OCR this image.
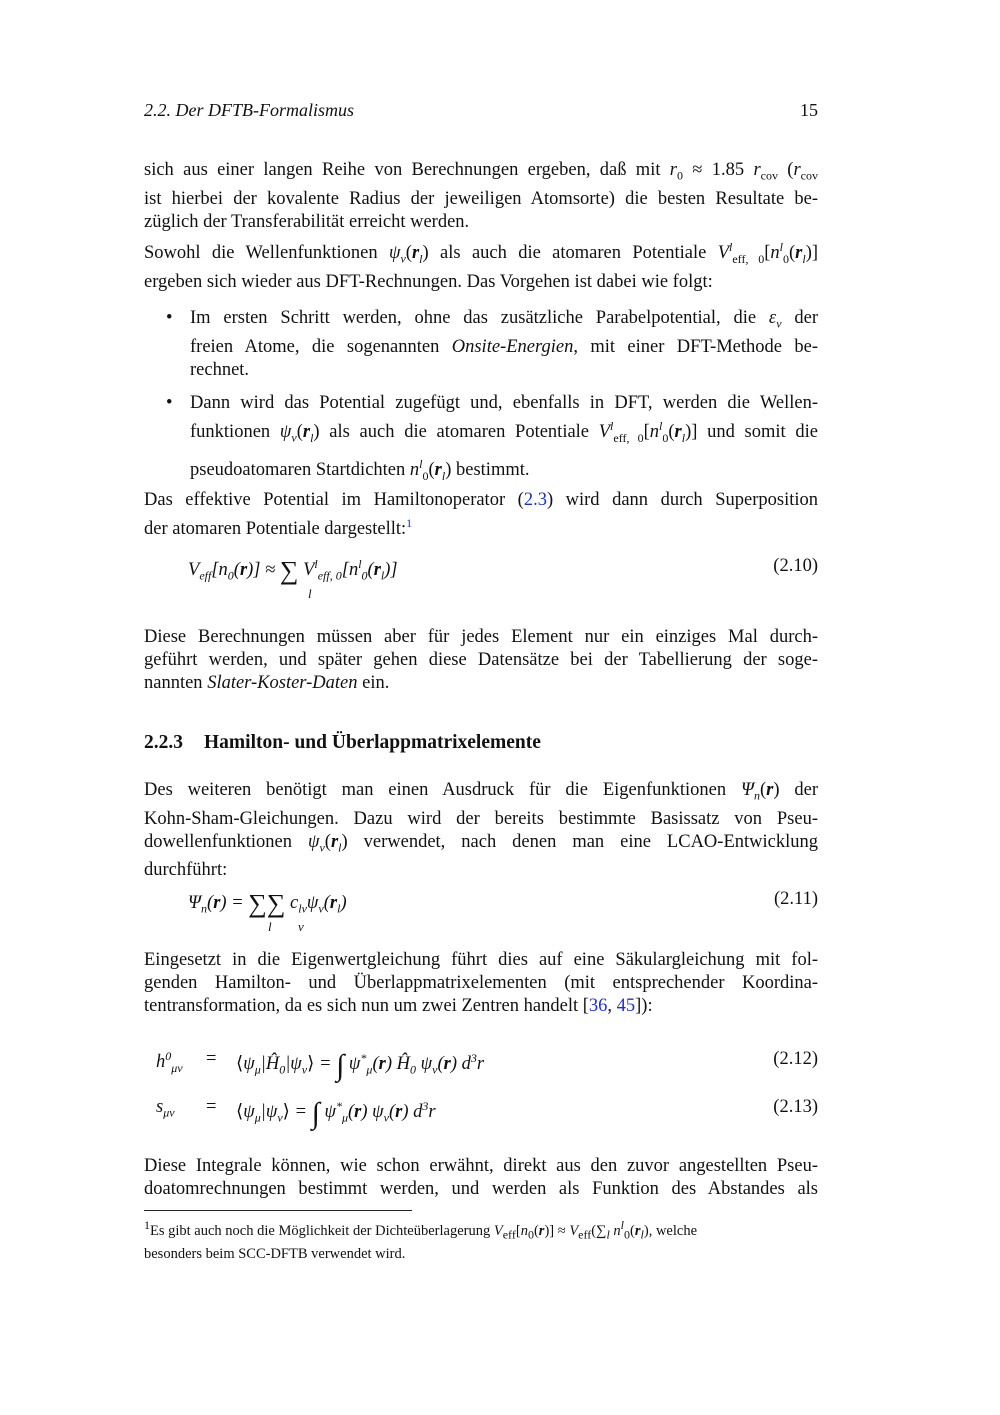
2.2. Der DFTB-Formalismus	15
sich aus einer langen Reihe von Berechnungen ergeben, daß mit $r_0 \approx 1.85$ $r_{cov}$ ($r_{cov}$
ist hierbei der kovalente Radius der jeweiligen Atomsorte) die besten Resultate be-
züglich der Transferabilität erreicht werden.
Sowohl die Wellenfunktionen $\psi_\nu(r_l)$ als auch die atomaren Potentiale $V^l_{eff, 0}[n^l_0(r_l)]$
ergeben sich wieder aus DFT-Rechnungen. Das Vorgehen ist dabei wie folgt:
• Im ersten Schritt werden, ohne das zusätzliche Parabelpotential, die $\varepsilon_\nu$ der
freien Atome, die sogenannten Onsite-Energien, mit einer DFT-Methode be-
rechnet.
• Dann wird das Potential zugefügt und, ebenfalls in DFT, werden die Wellen-
funktionen $\psi_\nu(r_l)$ als auch die atomaren Potentiale $V^l_{eff, 0}[n^l_0(r_l)]$ und somit die
pseudoatomaren Startdichten $n^l_0(r_l)$ bestimmt.
Das effektive Potential im Hamiltonoperator (2.3) wird dann durch Superposition
der atomaren Potentiale dargestellt:$^1$
$V_{eff}[n_0(r)]$ ≈ ∑ $V^l_{eff, 0}[n^l_0(r_l)]$
l
(2.10)
Diese Berechnungen müssen aber für jedes Element nur ein einziges Mal durch-
geführt werden, und später gehen diese Datensätze bei der Tabellierung der soge-
nannten Slater-Koster-Daten ein.
2.2.3 Hamilton- und Überlappmatrixelemente
Des weiteren benötigt man einen Ausdruck für die Eigenfunktionen $\Psi_n(r)$ der
Kohn-Sham-Gleichungen. Dazu wird der bereits bestimmte Basissatz von Pseu-
dowellenfunktionen $\psi_\nu(r_l)$ verwendet, nach denen man eine LCAO-Entwicklung
durchführt:
$\Psi_n(r)$ = ∑∑ $c_{l\nu}\psi_\nu(r_l)$
l ν
(2.11)
Eingesetzt in die Eigenwertgleichung führt dies auf eine Säkulargleichung mit fol-
genden Hamilton- und Überlappmatrixelementen (mit entsprechender Koordina-
tentransformation, da es sich nun um zwei Zentren handelt [36, 45]):
$h^0_{\mu\nu}$ = $⟨\psi_\mu|Ĥ_0|\psi_\nu⟩$ = ∫ $\psi^*_\mu(r)$ $Ĥ_0$ $\psi_\nu(r)$ $d^3r$	(2.12)
$s_{\mu\nu}$ = $⟨\psi_\mu|\psi_\nu⟩$ = ∫ $\psi^*_\mu(r)$ $\psi_\nu(r)$ $d^3r$	(2.13)
Diese Integrale können, wie schon erwähnt, direkt aus den zuvor angestellten Pseu-
doatomrechnungen bestimmt werden, und werden als Funktion des Abstandes als
$^1$Es gibt auch noch die Möglichkeit der Dichteüberlagerung $V_{eff}[n_0(r)] \approx V_{eff}(\sum_l$ $n^l_0(r_l)$, welche
besonders beim SCC-DFTB verwendet wird.
